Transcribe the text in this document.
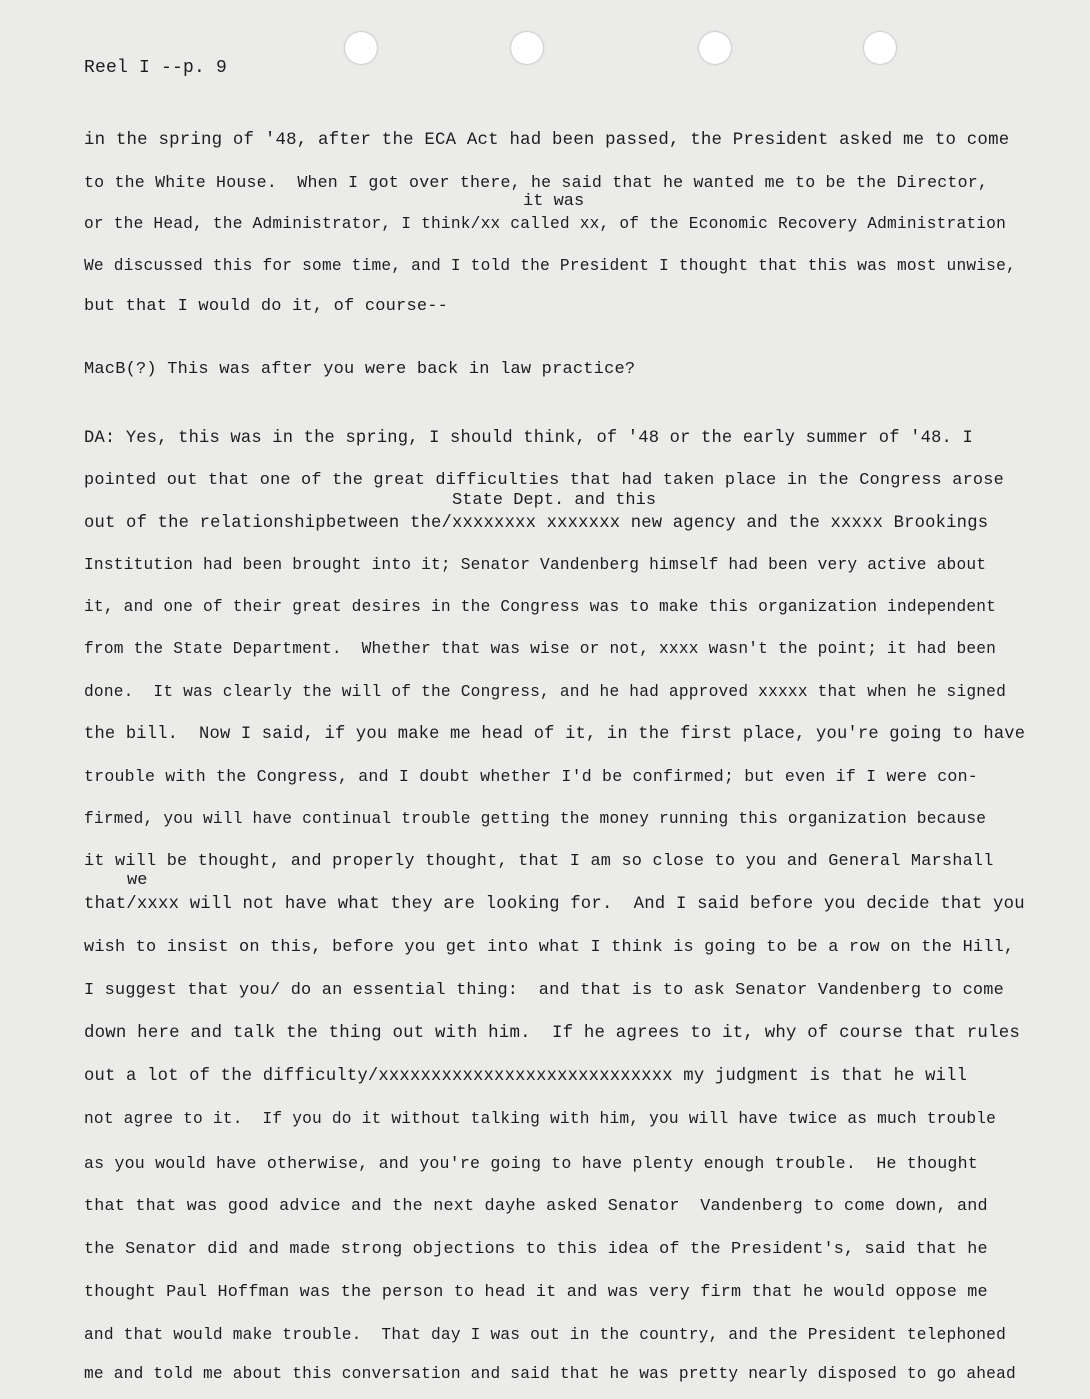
Reel I --p. 9
it was
State Dept. and this
we
in the spring of '48, after the ECA Act had been passed, the President asked me to come
to the White House.  When I got over there, he said that he wanted me to be the Director,
or the Head, the Administrator, I think/xx called xx, of the Economic Recovery Administration
We discussed this for some time, and I told the President I thought that this was most unwise,
but that I would do it, of course--
MacB(?) This was after you were back in law practice?
DA: Yes, this was in the spring, I should think, of '48 or the early summer of '48. I
pointed out that one of the great difficulties that had taken place in the Congress arose
out of the relationshipbetween the/xxxxxxxx xxxxxxx new agency and the xxxxx Brookings
Institution had been brought into it; Senator Vandenberg himself had been very active about
it, and one of their great desires in the Congress was to make this organization independent
from the State Department.  Whether that was wise or not, xxxx wasn't the point; it had been
done.  It was clearly the will of the Congress, and he had approved xxxxx that when he signed
the bill.  Now I said, if you make me head of it, in the first place, you're going to have
trouble with the Congress, and I doubt whether I'd be confirmed; but even if I were con-
firmed, you will have continual trouble getting the money running this organization because
it will be thought, and properly thought, that I am so close to you and General Marshall
that/xxxx will not have what they are looking for.  And I said before you decide that you
wish to insist on this, before you get into what I think is going to be a row on the Hill,
I suggest that you/ do an essential thing:  and that is to ask Senator Vandenberg to come
down here and talk the thing out with him.  If he agrees to it, why of course that rules
out a lot of the difficulty/xxxxxxxxxxxxxxxxxxxxxxxxxxxx my judgment is that he will
not agree to it.  If you do it without talking with him, you will have twice as much trouble
as you would have otherwise, and you're going to have plenty enough trouble.  He thought
that that was good advice and the next dayhe asked Senator  Vandenberg to come down, and
the Senator did and made strong objections to this idea of the President's, said that he
thought Paul Hoffman was the person to head it and was very firm that he would oppose me
and that would make trouble.  That day I was out in the country, and the President telephoned
me and told me about this conversation and said that he was pretty nearly disposed to go ahead
